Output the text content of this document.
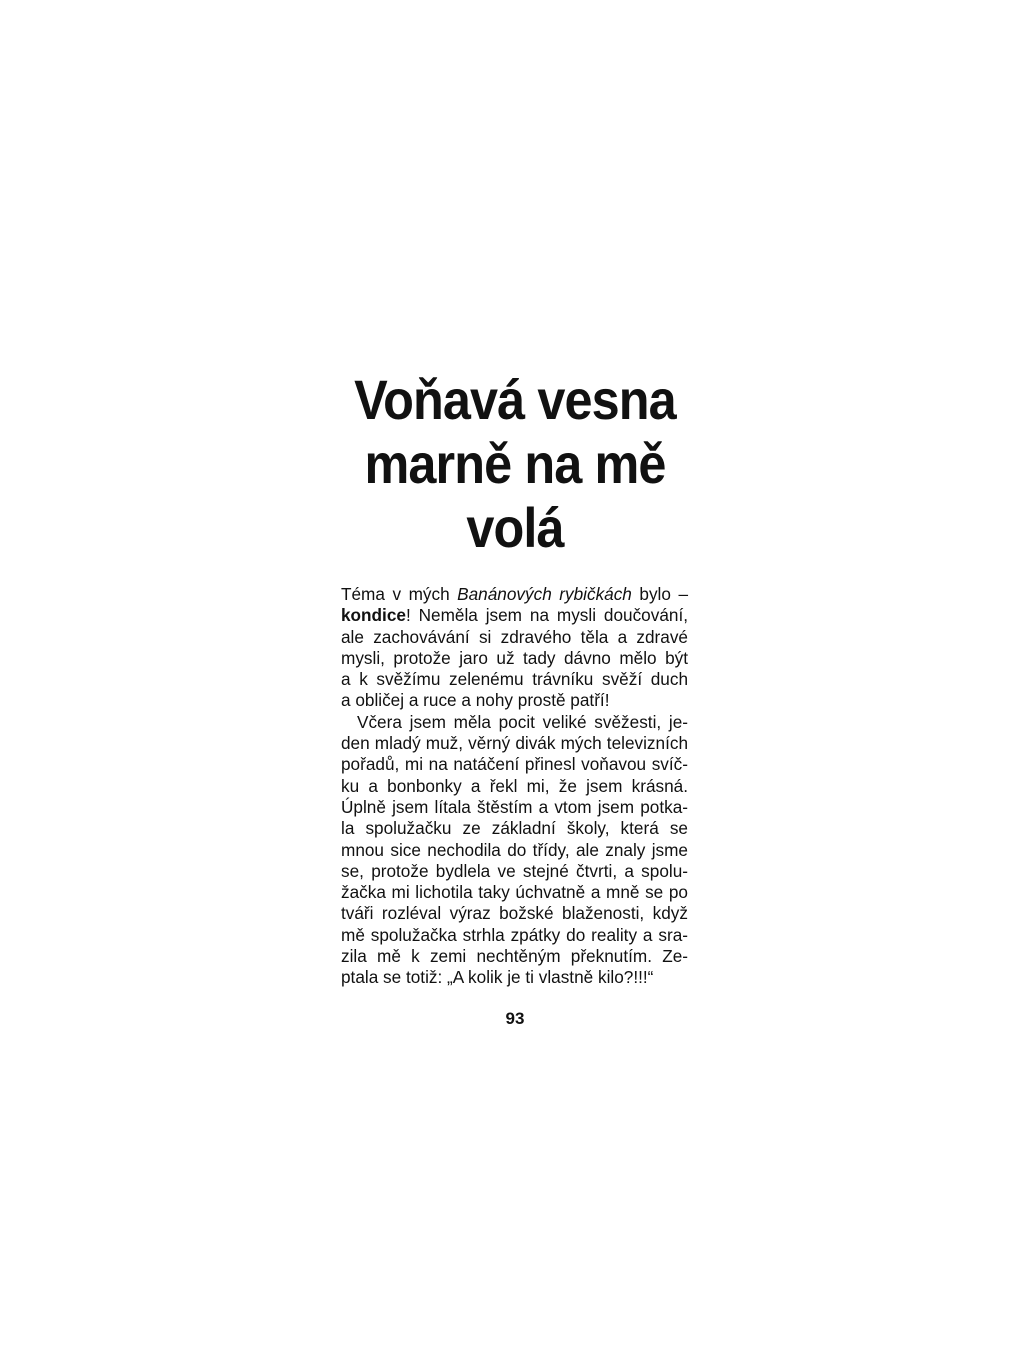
Voňavá vesna
marně na mě
volá

Téma v mých Banánových rybičkách bylo –
kondice! Neměla jsem na mysli doučování,
ale zachovávání si zdravého těla a zdravé
mysli, protože jaro už tady dávno mělo být
a k svěžímu zelenému trávníku svěží duch
a obličej a ruce a nohy prostě patří!

Včera jsem měla pocit veliké svěžesti, je-
den mladý muž, věrný divák mých televizních
pořadů, mi na natáčení přinesl voňavou svíč-
ku a bonbonky a řekl mi, že jsem krásná.
Úplně jsem lítala štěstím a vtom jsem potka-
la spolužačku ze základní školy, která se
mnou sice nechodila do třídy, ale znaly jsme
se, protože bydlela ve stejné čtvrti, a spolu-
žačka mi lichotila taky úchvatně a mně se po
tváři rozléval výraz božské blaženosti, když
mě spolužačka strhla zpátky do reality a sra-
zila mě k zemi nechtěným překnutím. Ze-
ptala se totiž: „A kolik je ti vlastně kilo?!!!“

93
